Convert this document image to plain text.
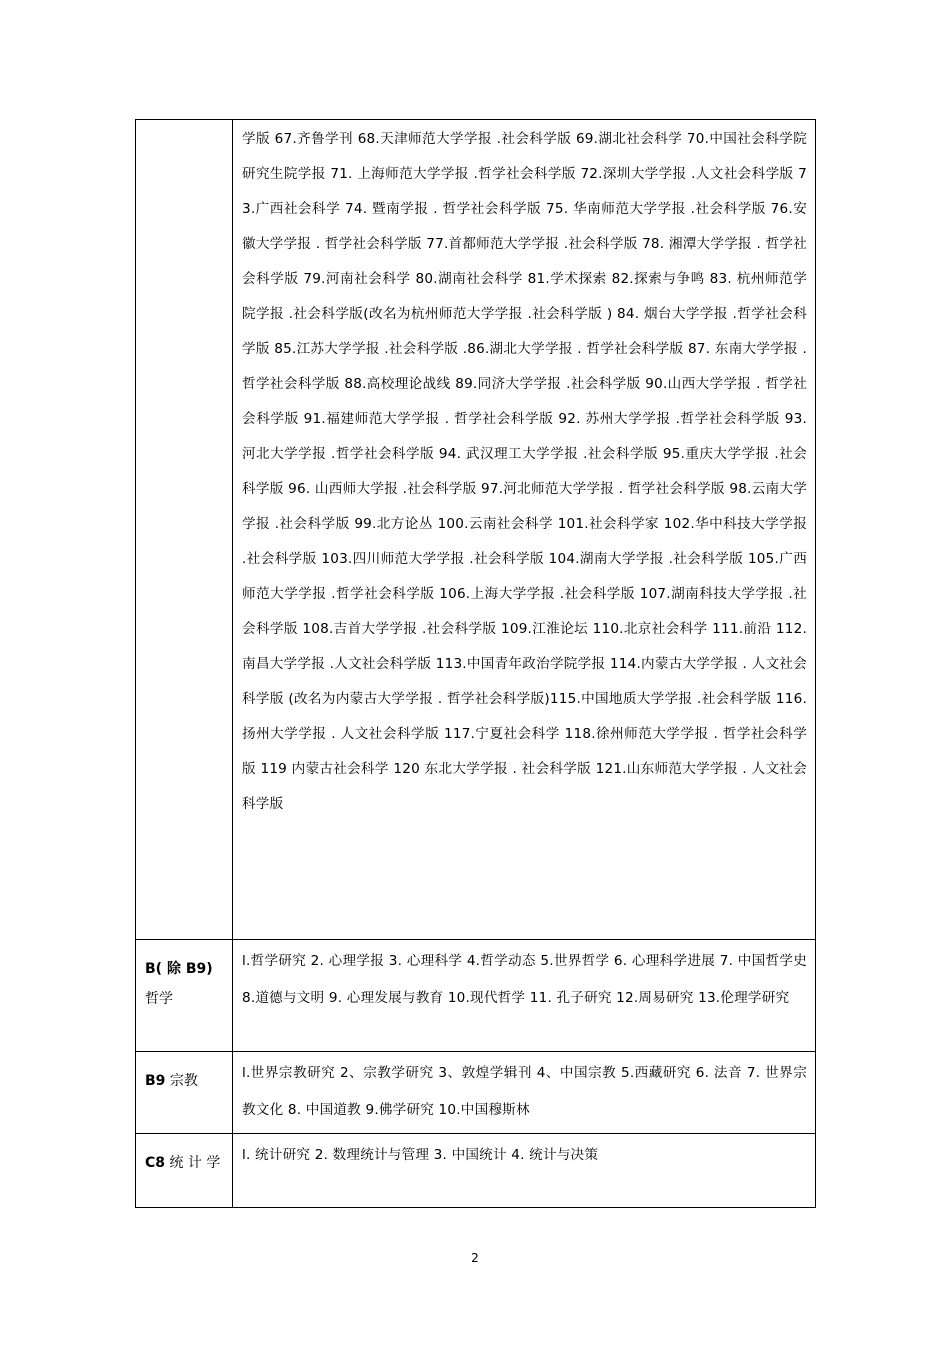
	学版 67.齐鲁学刊 68.天津师范大学学报 .社会科学版 69.湖北社会科学 70.中国社会科学院研究生院学报 71. 上海师范大学学报 .哲学社会科学版 72.深圳大学学报 .人文社会科学版 73.广西社会科学 74. 暨南学报 . 哲学社会科学版 75. 华南师范大学学报 .社会科学版 76.安徽大学学报 . 哲学社会科学版 77.首都师范大学学报 .社会科学版 78. 湘潭大学学报 . 哲学社会科学版 79.河南社会科学 80.湖南社会科学 81.学术探索 82.探索与争鸣 83. 杭州师范学院学报 .社会科学版(改名为杭州师范大学学报 .社会科学版 ) 84. 烟台大学学报 .哲学社会科学版 85.江苏大学学报 .社会科学版 .86.湖北大学学报 . 哲学社会科学版 87. 东南大学学报 . 哲学社会科学版 88.高校理论战线 89.同济大学学报 .社会科学版 90.山西大学学报 . 哲学社会科学版 91.福建师范大学学报 . 哲学社会科学版 92. 苏州大学学报 .哲学社会科学版 93. 河北大学学报 .哲学社会科学版 94. 武汉理工大学学报 .社会科学版 95.重庆大学学报 .社会科学版 96. 山西师大学报 .社会科学版 97.河北师范大学学报 . 哲学社会科学版 98.云南大学学报 .社会科学版 99.北方论丛 100.云南社会科学 101.社会科学家 102.华中科技大学学报 .社会科学版 103.四川师范大学学报 .社会科学版 104.湖南大学学报 .社会科学版 105.广西师范大学学报 .哲学社会科学版 106.上海大学学报 .社会科学版 107.湖南科技大学学报 .社会科学版 108.吉首大学学报 .社会科学版 109.江淮论坛 110.北京社会科学 111.前沿 112.南昌大学学报 .人文社会科学版 113.中国青年政治学院学报 114.内蒙古大学学报 . 人文社会科学版 (改名为内蒙古大学学报 . 哲学社会科学版)115.中国地质大学学报 .社会科学版 116.扬州大学学报 . 人文社会科学版 117.宁夏社会科学 118.徐州师范大学学报 . 哲学社会科学版 119 内蒙古社会科学 120 东北大学学报 . 社会科学版 121.山东师范大学学报 . 人文社会科学版
B( 除 B9)
哲学	l.哲学研究 2. 心理学报 3. 心理科学 4.哲学动态 5.世界哲学 6. 心理科学进展 7. 中国哲学史 8.道德与文明 9. 心理发展与教育 10.现代哲学 11. 孔子研究 12.周易研究 13.伦理学研究
B9 宗教	l.世界宗教研究 2、宗教学研究 3、敦煌学辑刊 4、中国宗教 5.西藏研究 6. 法音 7. 世界宗教文化 8. 中国道教 9.佛学研究 10.中国穆斯林
C8 统 计 学	l. 统计研究 2. 数理统计与管理 3. 中国统计 4. 统计与决策
2
